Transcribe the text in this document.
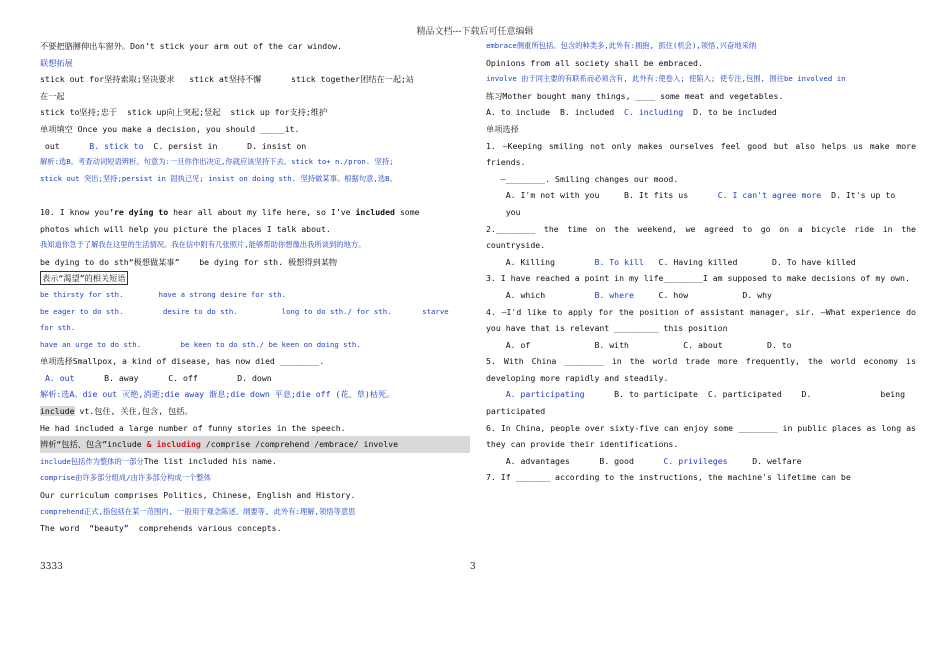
精品文档---下载后可任意编辑
不要把胳膊伸出车窗外。Don’t stick your arm out of the car window.
联想拓展
stick out for坚持索取;坚决要求   stick at坚持不懈      stick together团结在一起;站
在一起
stick to坚持;忠于  stick up向上突起;竖起  stick up for支持;维护
单项填空 Once you make a decision, you should _____it.
out	B. stick to C. persist in	D. insist on
解析:选B。考查动词短语辨析。句意为:一旦你作出决定,你就应该坚持下去。stick to+ n./pron. 坚持;
stick out 突出;坚持;persist in 固执己见; insist on doing sth. 坚持做某事。根据句意,选B。

10. I know you’re dying to hear all about my life here, so I’ve included some
photos which will help you picture the places I talk about.
我知道你急于了解我在这里的生活情况。我在信中附有几张照片,能够帮助你想像出我所谈到的地方。
be dying to do sth“极想做某事”    be dying for sth. 极想得到某物
表示“渴望”的相关短语
be thirsty for sth.	have a strong desire for sth.
be eager to do sth.	desire to do sth.	long to do sth./ for sth.	starve
for sth.
have an urge to do sth.	be keen to do sth./ be keen on doing sth.
单项选择Smallpox, a kind of disease, has now died ________.
A. out	B. away	C. off	D. down
解析:选A。die out 灭绝,消逝;die away 渐息;die down 平息;die off (花、草)枯死。
include vt.包住, 关住,包含, 包括。
He had included a large number of funny stories in the speech.
辨析“包括、包含”include & including /comprise /comprehend /embrace/ involve
include包括作为整体的一部分The list included his name.
comprise由许多部分组成/由许多部分构成一个整体
Our curriculum comprises Politics, Chinese, English and History.
comprehend正式,指包括在某一范围内, 一般用于观念陈述、纲要等, 此外有:理解,领悟等意思
The word  “beauty”  comprehends various concepts.
embrace侧重所包括、包含的种类多,此外有:拥抱, 抓住(机会),领悟,兴奋地采纳
Opinions from all society shall be embraced.
involve 由于同主要的有联系而必须含有, 此外有:使卷入; 使陷入; 使专注,包围, 围住be involved in
练习Mother bought many things, ____ some meat and vegetables.
A. to include B. included C. including D. to be included
单项选择
1. —Keeping smiling not only makes ourselves feel good but also helps us make more friends.
—________. Smiling changes our mood.
A. I'm not with you	B. It fits us	C. I can't agree more D. It's up to
you
2.________ the time on the weekend, we agreed to go on a bicycle ride in the countryside.
A. Killing	B. To kill C. Having killed	D. To have killed
3. I have reached a point in my life________I am supposed to make decisions of my own.
A. which	B. where	C. how	D. why
4. —I'd like to apply for the position of assistant manager, sir. —What experience do you have that is relevant _________ this position
A. of	B. with	C. about	D. to
5. With China ________ in the world trade more frequently, the world economy is developing more rapidly and steadily.
A. participating	B. to participate C. participated D.	being
participated
6. In China, people over sixty-five can enjoy some ________ in public places as long as they can provide their identifications.
A. advantages	B. good	C. privileges	D. welfare
7. If _______ according to the instructions, the machine's lifetime can be
3333	3
